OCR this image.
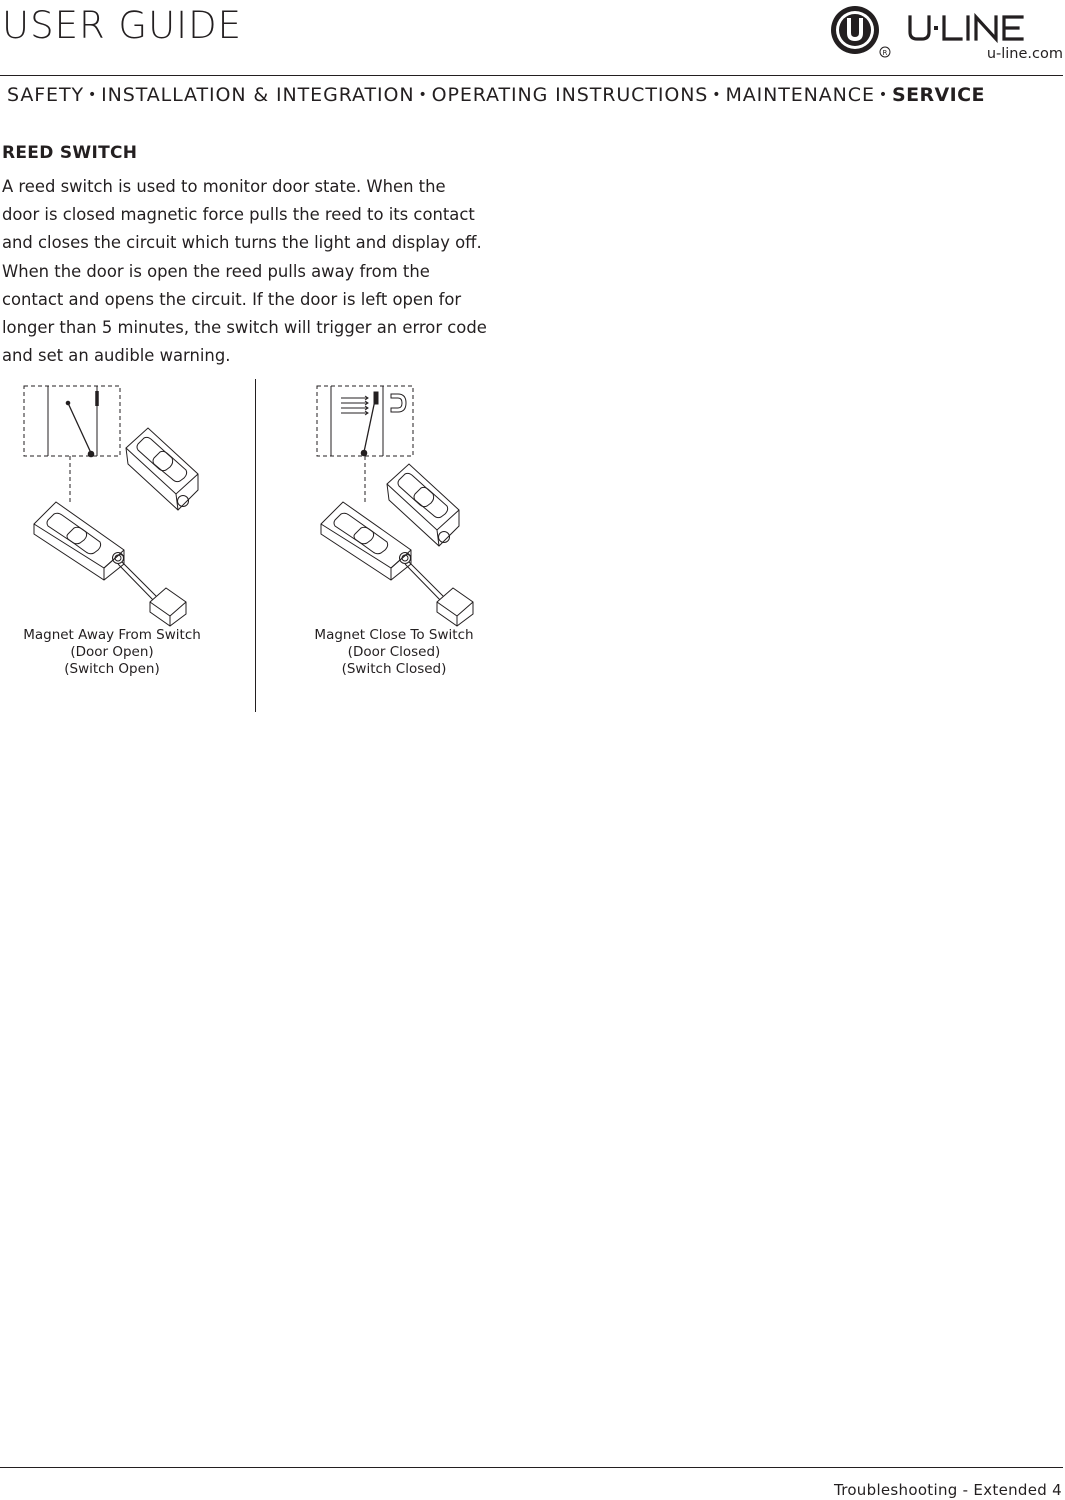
USER GUIDE
R	u-line.com
SAFETY • INSTALLATION & INTEGRATION • OPERATING INSTRUCTIONS • MAINTENANCE • SERVICE
REED SWITCH
A reed switch is used to monitor door state. When the
door is closed magnetic force pulls the reed to its contact
and closes the circuit which turns the light and display off.
When the door is open the reed pulls away from the
contact and opens the circuit. If the door is left open for
longer than 5 minutes, the switch will trigger an error code
and set an audible warning.
Magnet Away From Switch
(Door Open)
(Switch Open)
Magnet Close To Switch
(Door Closed)
(Switch Closed)
Troubleshooting - Extended 4
